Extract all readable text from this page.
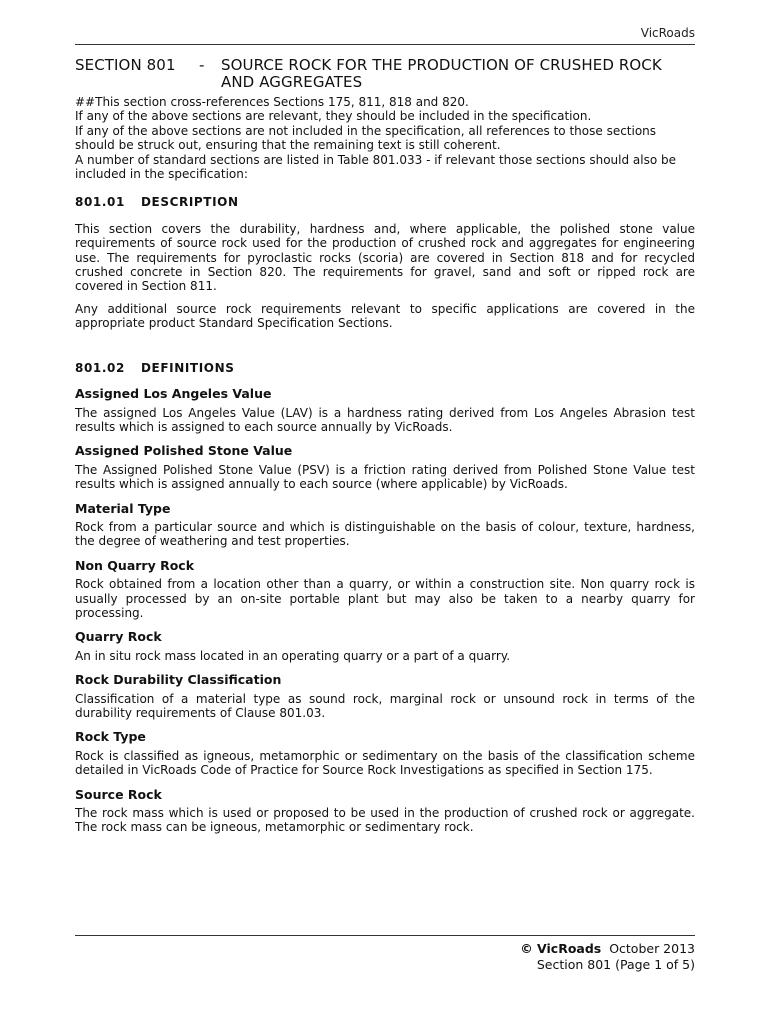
VicRoads
SECTION 801 - SOURCE ROCK FOR THE PRODUCTION OF CRUSHED ROCK AND AGGREGATES

##This section cross-references Sections 175, 811, 818 and 820.

If any of the above sections are relevant, they should be included in the specification.

If any of the above sections are not included in the specification, all references to those sections should be struck out, ensuring that the remaining text is still coherent.

A number of standard sections are listed in Table 801.033 - if relevant those sections should also be included in the specification:

801.01 DESCRIPTION

This section covers the durability, hardness and, where applicable, the polished stone value requirements of source rock used for the production of crushed rock and aggregates for engineering use. The requirements for pyroclastic rocks (scoria) are covered in Section 818 and for recycled crushed concrete in Section 820. The requirements for gravel, sand and soft or ripped rock are covered in Section 811.

Any additional source rock requirements relevant to specific applications are covered in the appropriate product Standard Specification Sections.

801.02 DEFINITIONS
Assigned Los Angeles Value

The assigned Los Angeles Value (LAV) is a hardness rating derived from Los Angeles Abrasion test results which is assigned to each source annually by VicRoads.

Assigned Polished Stone Value

The Assigned Polished Stone Value (PSV) is a friction rating derived from Polished Stone Value test results which is assigned annually to each source (where applicable) by VicRoads.

Material Type

Rock from a particular source and which is distinguishable on the basis of colour, texture, hardness, the degree of weathering and test properties.

Non Quarry Rock

Rock obtained from a location other than a quarry, or within a construction site. Non quarry rock is usually processed by an on-site portable plant but may also be taken to a nearby quarry for processing.

Quarry Rock

An in situ rock mass located in an operating quarry or a part of a quarry.

Rock Durability Classification

Classification of a material type as sound rock, marginal rock or unsound rock in terms of the durability requirements of Clause 801.03.

Rock Type

Rock is classified as igneous, metamorphic or sedimentary on the basis of the classification scheme detailed in VicRoads Code of Practice for Source Rock Investigations as specified in Section 175.

Source Rock

The rock mass which is used or proposed to be used in the production of crushed rock or aggregate. The rock mass can be igneous, metamorphic or sedimentary rock.

© VicRoads October 2013
Section 801 (Page 1 of 5)
